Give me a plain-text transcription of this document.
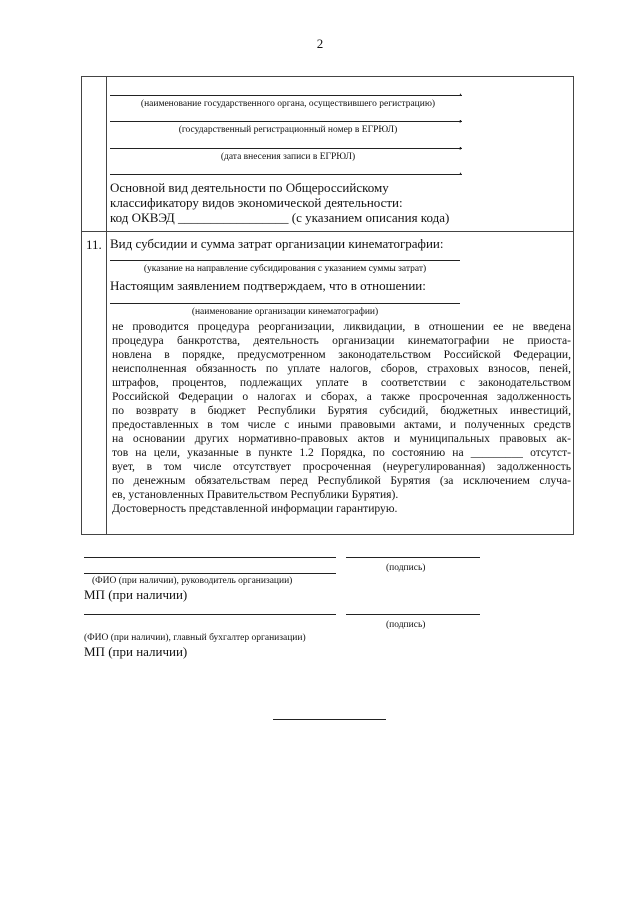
2
11.
.
(наименование государственного органа, осуществившего регистрацию)
,
(государственный регистрационный номер в ЕГРЮЛ)
,
(дата внесения записи в ЕГРЮЛ)
.
Основной вид деятельности по Общероссийскому
классификатору видов экономической деятельности:
код ОКВЭД _________________ (с указанием описания кода)
Вид субсидии и сумма затрат организации кинематографии:
(указание на направление субсидирования с указанием суммы затрат)
Настоящим заявлением подтверждаем, что в отношении:
(наименование организации кинематографии)
не проводится процедура реорганизации, ликвидации, в отношении ее не введена
процедура банкротства, деятельность организации кинематографии не приоста-
новлена в порядке, предусмотренном законодательством Российской Федерации,
неисполненная обязанность по уплате налогов, сборов, страховых взносов, пеней,
штрафов, процентов, подлежащих уплате в соответствии с законодательством
Российской Федерации о налогах и сборах, а также просроченная задолженность
по возврату в бюджет Республики Бурятия субсидий, бюджетных инвестиций,
предоставленных в том числе с иными правовыми актами, и полученных средств
на основании других нормативно-правовых актов и муниципальных правовых ак-
тов на цели, указанные в пункте 1.2 Порядка, по состоянию на _________ отсутст-
вует, в том числе отсутствует просроченная (неурегулированная) задолженность
по денежным обязательствам перед Республикой Бурятия (за исключением случа-
ев, установленных Правительством Республики Бурятия).
Достоверность представленной информации гарантирую.
(подпись)
(ФИО (при наличии), руководитель организации)
МП (при наличии)
(подпись)
(ФИО (при наличии), главный бухгалтер организации)
МП (при наличии)
